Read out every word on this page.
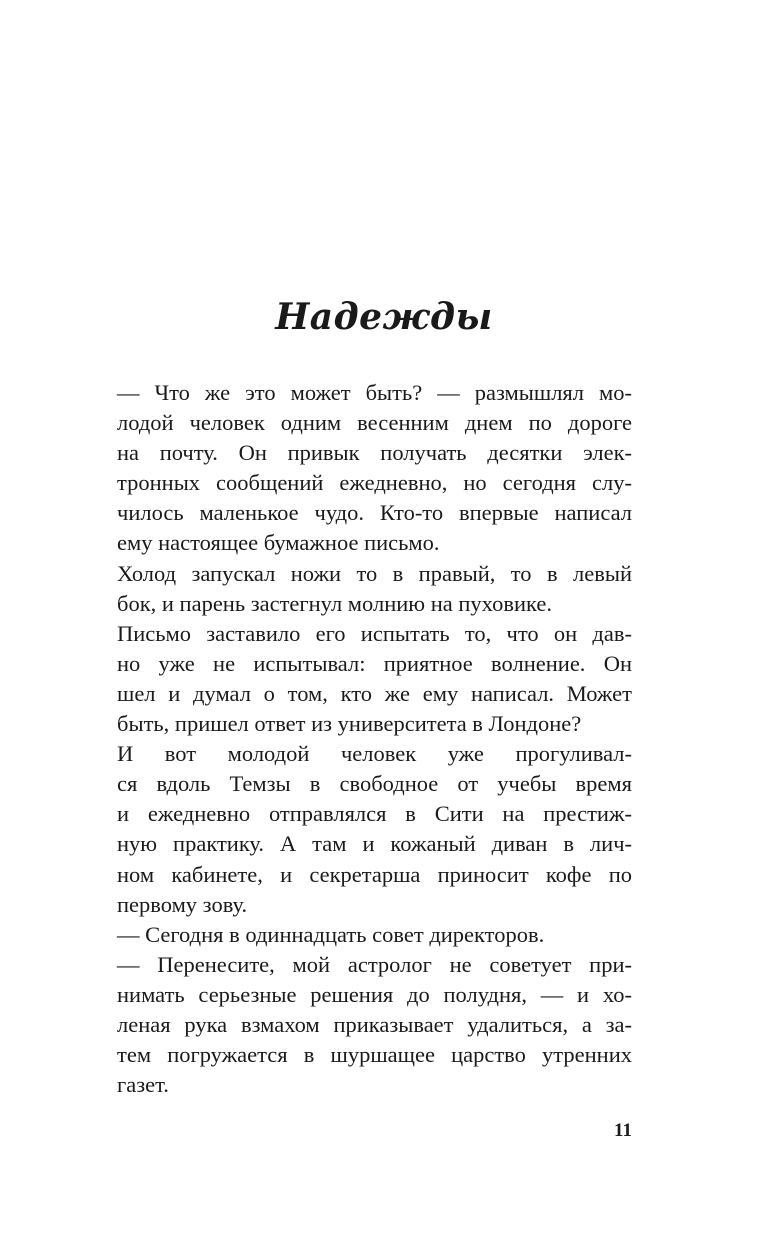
Надежды
— Что же это может быть? — размышлял мо-
лодой человек одним весенним днем по дороге
на почту. Он привык получать десятки элек-
тронных сообщений ежедневно, но сегодня слу-
чилось маленькое чудо. Кто-то впервые написал
ему настоящее бумажное письмо.
Холод запускал ножи то в правый, то в левый
бок, и парень застегнул молнию на пуховике.
Письмо заставило его испытать то, что он дав-
но уже не испытывал: приятное волнение. Он
шел и думал о том, кто же ему написал. Может
быть, пришел ответ из университета в Лондоне?
И вот молодой человек уже прогуливал-
ся вдоль Темзы в свободное от учебы время
и ежедневно отправлялся в Сити на престиж-
ную практику. А там и кожаный диван в лич-
ном кабинете, и секретарша приносит кофе по
первому зову.
— Сегодня в одиннадцать совет директоров.
— Перенесите, мой астролог не советует при-
нимать серьезные решения до полудня, — и хо-
леная рука взмахом приказывает удалиться, а за-
тем погружается в шуршащее царство утренних
газет.

11
